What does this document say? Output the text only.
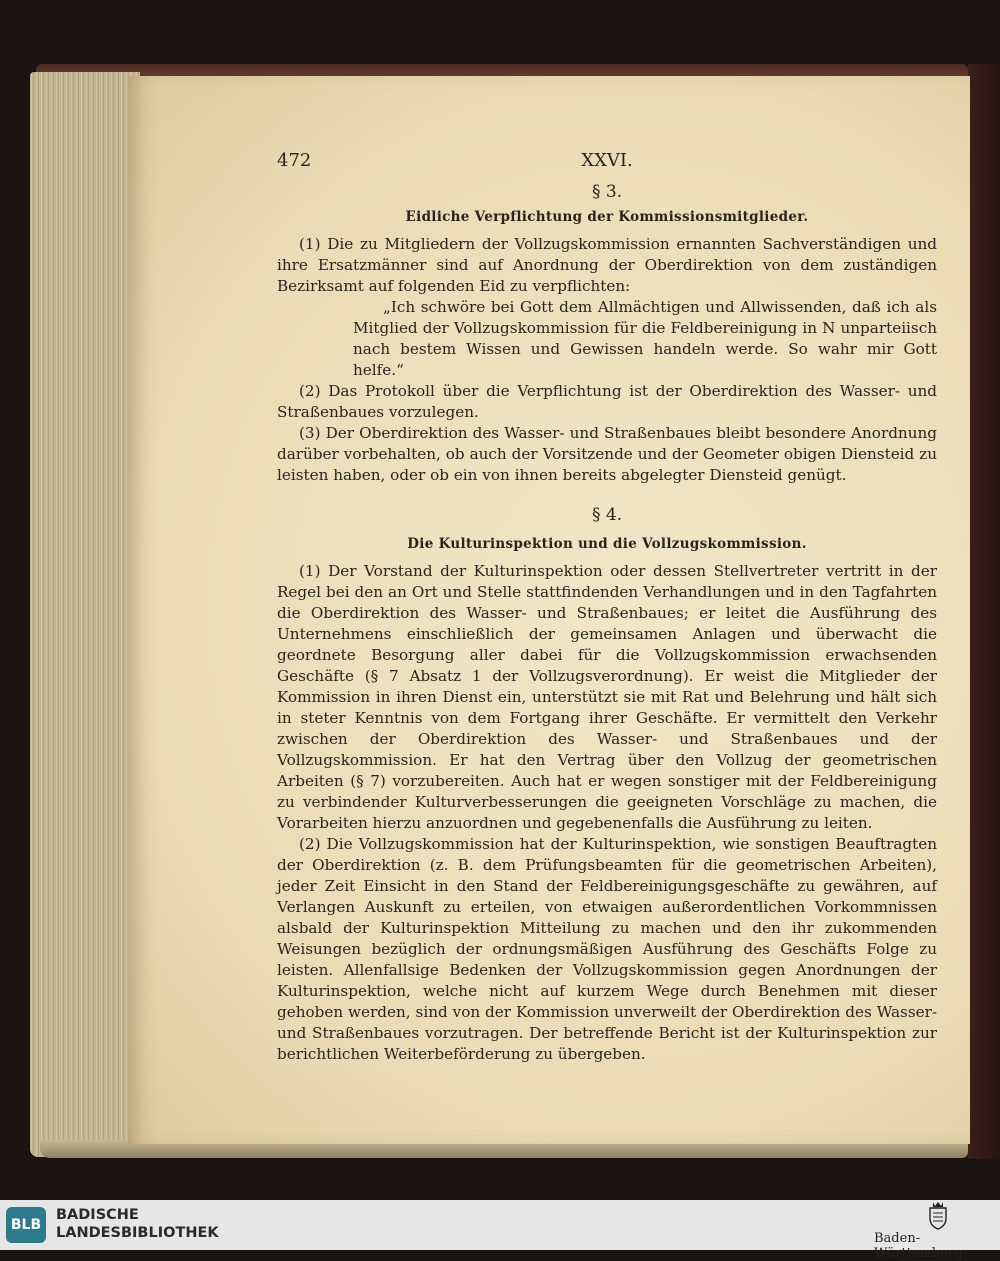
472	XXVI.

§ 3.

Eidliche Verpflichtung der Kommissionsmitglieder.

(1) Die zu Mitgliedern der Vollzugskommission ernannten Sachverständigen und ihre Ersatzmänner sind auf Anordnung der Oberdirektion von dem zuständigen Bezirksamt auf folgenden Eid zu verpflichten:

„Ich schwöre bei Gott dem Allmächtigen und Allwissenden, daß ich als Mitglied der Vollzugskommission für die Feldbereinigung in N unparteiisch nach bestem Wissen und Gewissen handeln werde. So wahr mir Gott helfe.“

(2) Das Protokoll über die Verpflichtung ist der Oberdirektion des Wasser- und Straßenbaues vorzulegen.

(3) Der Oberdirektion des Wasser- und Straßenbaues bleibt besondere Anordnung darüber vorbehalten, ob auch der Vorsitzende und der Geometer obigen Diensteid zu leisten haben, oder ob ein von ihnen bereits abgelegter Diensteid genügt.

§ 4.

Die Kulturinspektion und die Vollzugskommission.

(1) Der Vorstand der Kulturinspektion oder dessen Stellvertreter vertritt in der Regel bei den an Ort und Stelle stattfindenden Verhandlungen und in den Tagfahrten die Oberdirektion des Wasser- und Straßenbaues; er leitet die Ausführung des Unternehmens einschließlich der gemeinsamen Anlagen und überwacht die geordnete Besorgung aller dabei für die Vollzugskommission erwachsenden Geschäfte (§ 7 Absatz 1 der Vollzugsverordnung). Er weist die Mitglieder der Kommission in ihren Dienst ein, unterstützt sie mit Rat und Belehrung und hält sich in steter Kenntnis von dem Fortgang ihrer Geschäfte. Er vermittelt den Verkehr zwischen der Oberdirektion des Wasser- und Straßenbaues und der Vollzugskommission. Er hat den Vertrag über den Vollzug der geometrischen Arbeiten (§ 7) vorzubereiten. Auch hat er wegen sonstiger mit der Feldbereinigung zu verbindender Kulturverbesserungen die geeigneten Vorschläge zu machen, die Vorarbeiten hierzu anzuordnen und gegebenenfalls die Ausführung zu leiten.

(2) Die Vollzugskommission hat der Kulturinspektion, wie sonstigen Beauftragten der Oberdirektion (z. B. dem Prüfungsbeamten für die geometrischen Arbeiten), jeder Zeit Einsicht in den Stand der Feldbereinigungsgeschäfte zu gewähren, auf Verlangen Auskunft zu erteilen, von etwaigen außerordentlichen Vorkommnissen alsbald der Kulturinspektion Mitteilung zu machen und den ihr zukommenden Weisungen bezüglich der ordnungsmäßigen Ausführung des Geschäfts Folge zu leisten. Allenfallsige Bedenken der Vollzugskommission gegen Anordnungen der Kulturinspektion, welche nicht auf kurzem Wege durch Benehmen mit dieser gehoben werden, sind von der Kommission unverweilt der Oberdirektion des Wasser- und Straßenbaues vorzutragen. Der betreffende Bericht ist der Kulturinspektion zur berichtlichen Weiterbeförderung zu übergeben.

BLB
BADISCHE
LANDESBIBLIOTHEK	Baden-Württemberg
